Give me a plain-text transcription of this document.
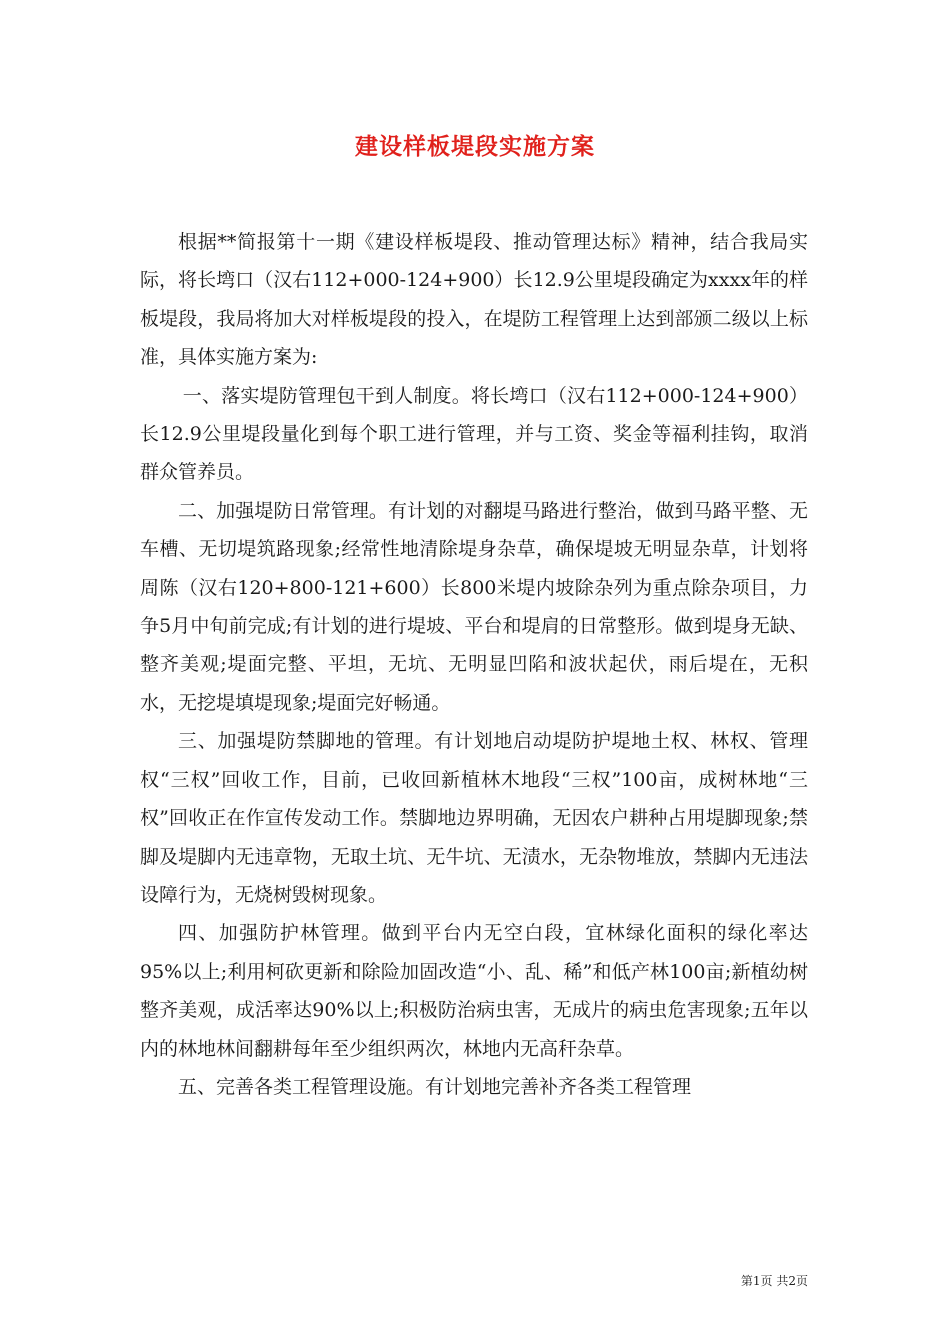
建设样板堤段实施方案

根据**简报第十一期《建设样板堤段、推动管理达标》精神，结合我局实际，将长塆口（汉右112+000-124+900）长12.9公里堤段确定为xxxx年的样板堤段，我局将加大对样板堤段的投入，在堤防工程管理上达到部颁二级以上标准，具体实施方案为:

一、落实堤防管理包干到人制度。将长塆口（汉右112+000-124+900）长12.9公里堤段量化到每个职工进行管理，并与工资、奖金等福利挂钩，取消群众管养员。

二、加强堤防日常管理。有计划的对翻堤马路进行整治，做到马路平整、无车槽、无切堤筑路现象;经常性地清除堤身杂草，确保堤坡无明显杂草，计划将周陈（汉右120+800-121+600）长800米堤内坡除杂列为重点除杂项目，力争5月中旬前完成;有计划的进行堤坡、平台和堤肩的日常整形。做到堤身无缺、整齐美观;堤面完整、平坦，无坑、无明显凹陷和波状起伏，雨后堤在，无积水，无挖堤填堤现象;堤面完好畅通。

三、加强堤防禁脚地的管理。有计划地启动堤防护堤地土权、林权、管理权“三权”回收工作，目前，已收回新植林木地段“三权”100亩，成树林地“三权”回收正在作宣传发动工作。禁脚地边界明确，无因农户耕种占用堤脚现象;禁脚及堤脚内无违章物，无取土坑、无牛坑、无渍水，无杂物堆放，禁脚内无违法设障行为，无烧树毁树现象。

四、加强防护林管理。做到平台内无空白段，宜林绿化面积的绿化率达95%以上;利用柯砍更新和除险加固改造“小、乱、稀”和低产林100亩;新植幼树整齐美观，成活率达90%以上;积极防治病虫害，无成片的病虫危害现象;五年以内的林地林间翻耕每年至少组织两次，林地内无高秆杂草。

五、完善各类工程管理设施。有计划地完善补齐各类工程管理

第1页 共2页
